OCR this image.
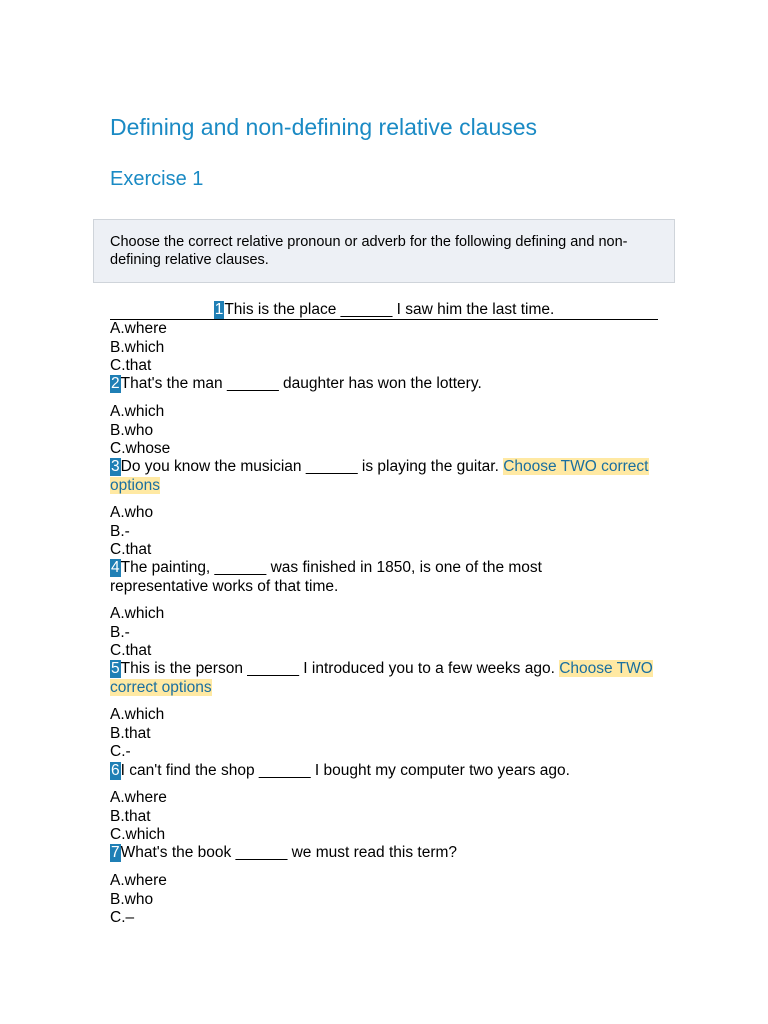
Defining and non-defining relative clauses
Exercise 1
Choose the correct relative pronoun or adverb for the following defining and non-defining relative clauses.
1This is the place ______ I saw him the last time.
A.where
B.which
C.that
2That's the man ______ daughter has won the lottery.
A.which
B.who
C.whose
3Do you know the musician ______ is playing the guitar. Choose TWO correct options
A.who
B.-
C.that
4The painting, ______ was finished in 1850, is one of the most representative works of that time.
A.which
B.-
C.that
5This is the person ______ I introduced you to a few weeks ago. Choose TWO correct options
A.which
B.that
C.-
6I can't find the shop ______ I bought my computer two years ago.
A.where
B.that
C.which
7What's the book ______ we must read this term?
A.where
B.who
C.–
